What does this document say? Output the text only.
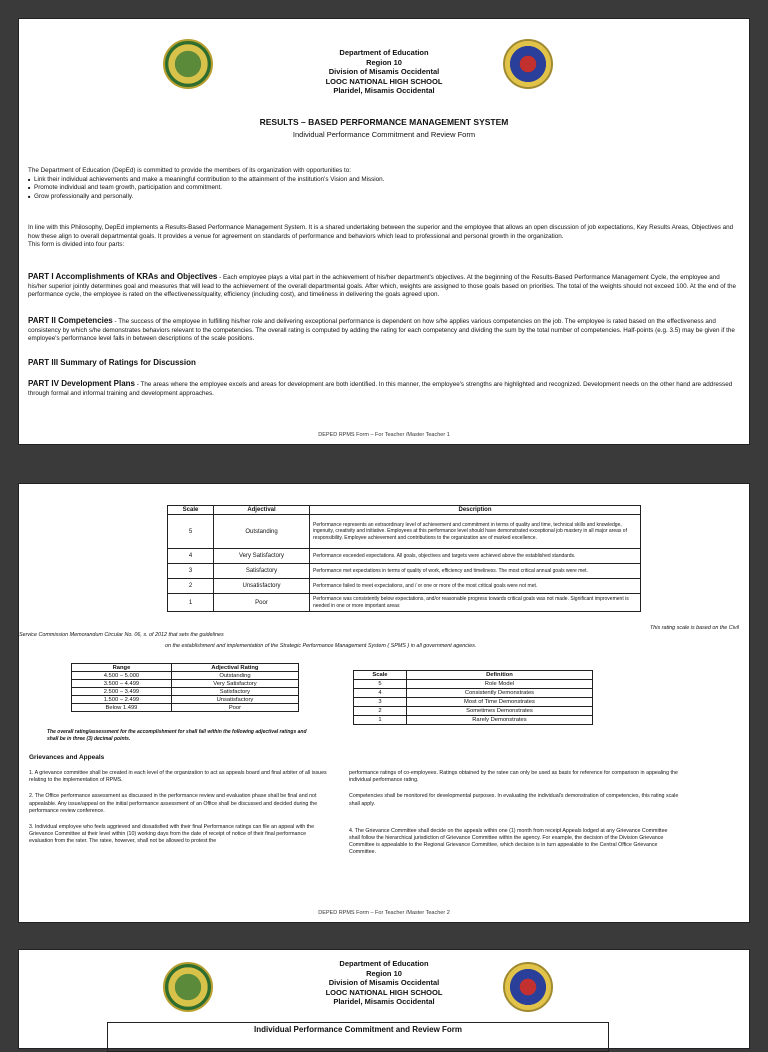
Department of Education
Region 10
Division of Misamis Occidental
LOOC NATIONAL HIGH SCHOOL
Plaridel, Misamis Occidental
RESULTS – BASED PERFORMANCE MANAGEMENT SYSTEM
Individual Performance Commitment and Review Form
The Department of Education (DepEd) is committed to provide the members of its organization with opportunities to:
■ Link their individual achievements and make a meaningful contribution to the attainment of the institution's Vision and Mission.
■ Promote individual and team growth, participation and commitment.
■ Grow professionally and personally.
In line with this Philosophy, DepEd implements a Results-Based Performance Management System. It is a shared undertaking between the superior and the employee that allows an open discussion of job expectations, Key Results Areas, Objectives and how these align to overall departmental goals. It provides a venue for agreement on standards of performance and behaviors which lead to professional and personal growth in the organization.
This form is divided into four parts:
PART I Accomplishments of KRAs and Objectives - Each employee plays a vital part in the achievement of his/her department's objectives. At the beginning of the Results-Based Performance Management Cycle, the employee and his/her superior jointly determines goal and measures that will lead to the achievement of the overall departmental goals. After which, weights are assigned to those goals based on priorities. The total of the weights should not exceed 100. At the end of the performance cycle, the employee is rated on the effectiveness/quality, efficiency (including cost), and timeliness in delivering the goals agreed upon.
PART II Competencies - The success of the employee in fulfilling his/her role and delivering exceptional performance is dependent on how s/he applies various competencies on the job. The employee is rated based on the effectiveness and consistency by which s/he demonstrates behaviors relevant to the competencies. The overall rating is computed by adding the rating for each competency and dividing the sum by the total number of competencies. Half-points (e.g. 3.5) may be given if the employee's performance level falls in between descriptions of the scale positions.
PART III Summary of Ratings for Discussion
PART IV Development Plans - The areas where the employee excels and areas for development are both identified. In this manner, the employee's strengths are highlighted and recognized. Development needs on the other hand are addressed through formal and informal training and development approaches.
DEPED RPMS Form – For Teacher /Master Teacher 1
Scale	Adjectival	Description
5	Outstanding	Performance represents an extraordinary level of achievement and commitment in terms of quality and time, technical skills and knowledge, ingenuity, creativity and initiative. Employees at this performance level should have demonstrated exceptional job mastery in all major areas of responsibility. Employee achievement and contributions to the organization are of marked excellence.
4	Very Satisfactory	Performance exceeded expectations. All goals, objectives and targets were achieved above the established standards.
3	Satisfactory	Performance met expectations in terms of quality of work, efficiency and timeliness. The most critical annual goals were met.
2	Unsatisfactory	Performance failed to meet expectations, and / or one or more of the most critical goals were not met.
1	Poor	Performance was consistently below expectations, and/or reasonable progress towards critical goals was not made. Significant improvement is needed in one or more important areas
Service Commission Memorandum Circular No. 06, s. of 2012 that sets the guidelines
This rating scale is based on the Civil
on the establishment and implementation of the Strategic Performance Management System ( SPMS ) in all government agencies.
Range	Adjectival Rating
4.500 – 5.000	Outstanding
3.500 – 4.499	Very Satisfactory
2.500 – 3.499	Satisfactory
1.500 – 2.499	Unsatisfactory
Below 1.499	Poor
Scale	Definition
5	Role Model
4	Consistently Demonstrates
3	Most of Time Demonstrates
2	Sometimes Demonstrates
1	Rarely Demonstrates
The overall rating/assessment for the accomplishment for shall fall within the following adjectival ratings and shall be in three (3) decimal points.
Grievances and Appeals

1. A grievance committee shall be created in each level of the organization to act as appeals board and final arbiter of all issues relating to the implementation of RPMS.

2. The Office performance assessment as discussed in the performance review and evaluation phase shall be final and not appealable. Any issue/appeal on the initial performance assessment of an Office shall be discussed and decided during the performance review conference.

3. Individual employee who feels aggrieved and dissatisfied with their final Performance ratings can file an appeal with the Grievance Committee at their level within (10) working days from the date of receipt of notice of their final performance evaluation from the rater. The ratee, however, shall not be allowed to protest the

performance ratings of co-employees. Ratings obtained by the ratee can only be used as basis for reference for comparison in appealing the individual performance rating.

Competencies shall be monitored for developmental purposes. In evaluating the individual's demonstration of competencies, this rating scale shall apply.

4. The Grievance Committee shall decide on the appeals within one (1) month from receipt Appeals lodged at any Grievance Committee shall follow the hierarchical jurisdiction of Grievance Committee within the agency. For example, the decision of the Division Grievance Committee is appealable to the Regional Grievance Committee, which decision is in turn appealable to the Central Office Grievance Committee.

DEPED RPMS Form – For Teacher /Master Teacher 2
Department of Education
Region 10
Division of Misamis Occidental
LOOC NATIONAL HIGH SCHOOL
Plaridel, Misamis Occidental
Individual Performance Commitment and Review Form
